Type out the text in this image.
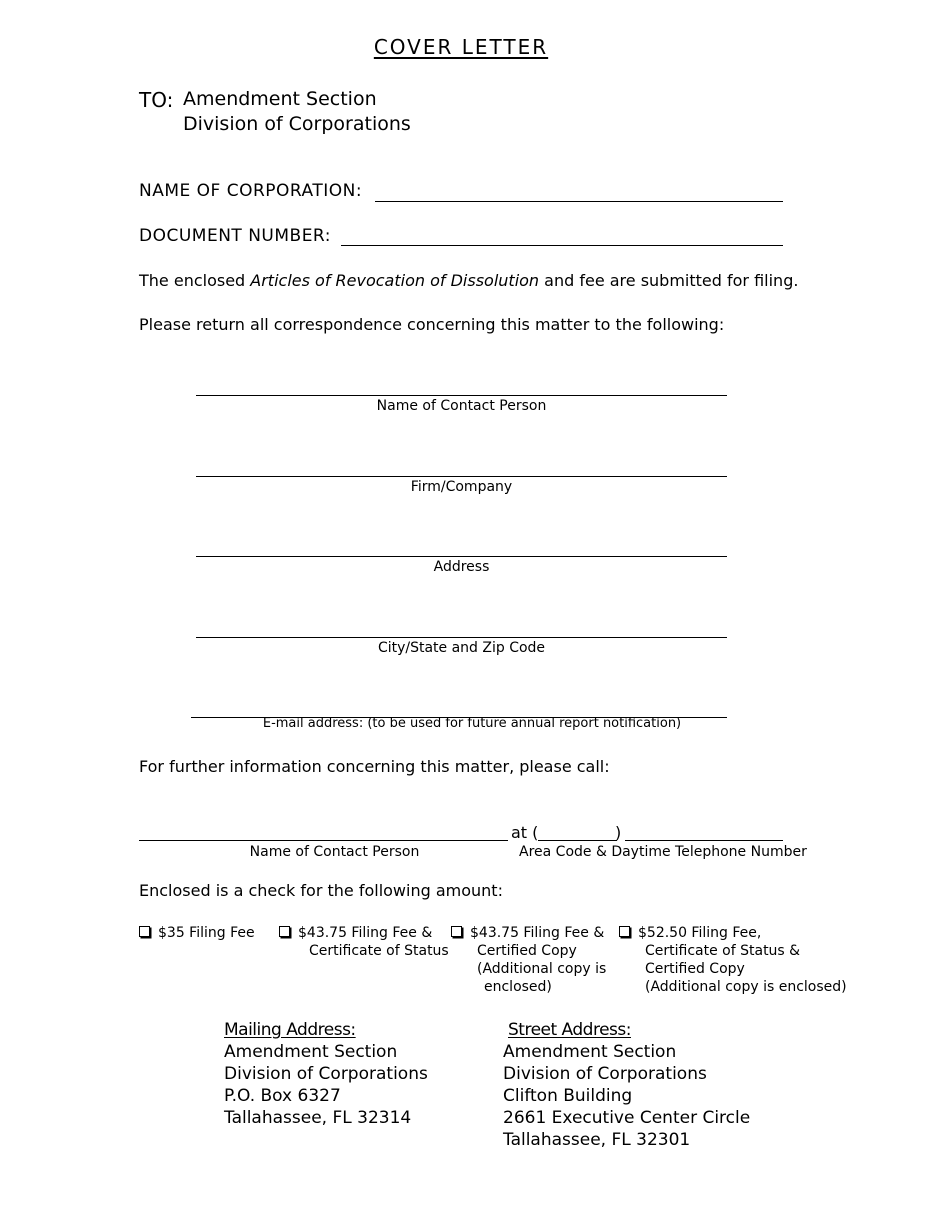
COVER LETTER
TO: Amendment Section
Division of Corporations
NAME OF CORPORATION:
DOCUMENT NUMBER:
The enclosed Articles of Revocation of Dissolution and fee are submitted for filing.
Please return all correspondence concerning this matter to the following:
Name of Contact Person
Firm/Company
Address
City/State and Zip Code
E-mail address: (to be used for future annual report notification)
For further information concerning this matter, please call:
at (	)
Name of Contact Person	Area Code & Daytime Telephone Number
Enclosed is a check for the following amount:
$35 Filing Fee	$43.75 Filing Fee &
Certificate of Status
$43.75 Filing Fee &
Certified Copy
(Additional copy is
enclosed)
$52.50 Filing Fee,
Certificate of Status &
Certified Copy
(Additional copy is enclosed)
Mailing Address:
Amendment Section
Division of Corporations
P.O. Box 6327
Tallahassee, FL 32314
Street Address:
Amendment Section
Division of Corporations
Clifton Building
2661 Executive Center Circle
Tallahassee, FL 32301
